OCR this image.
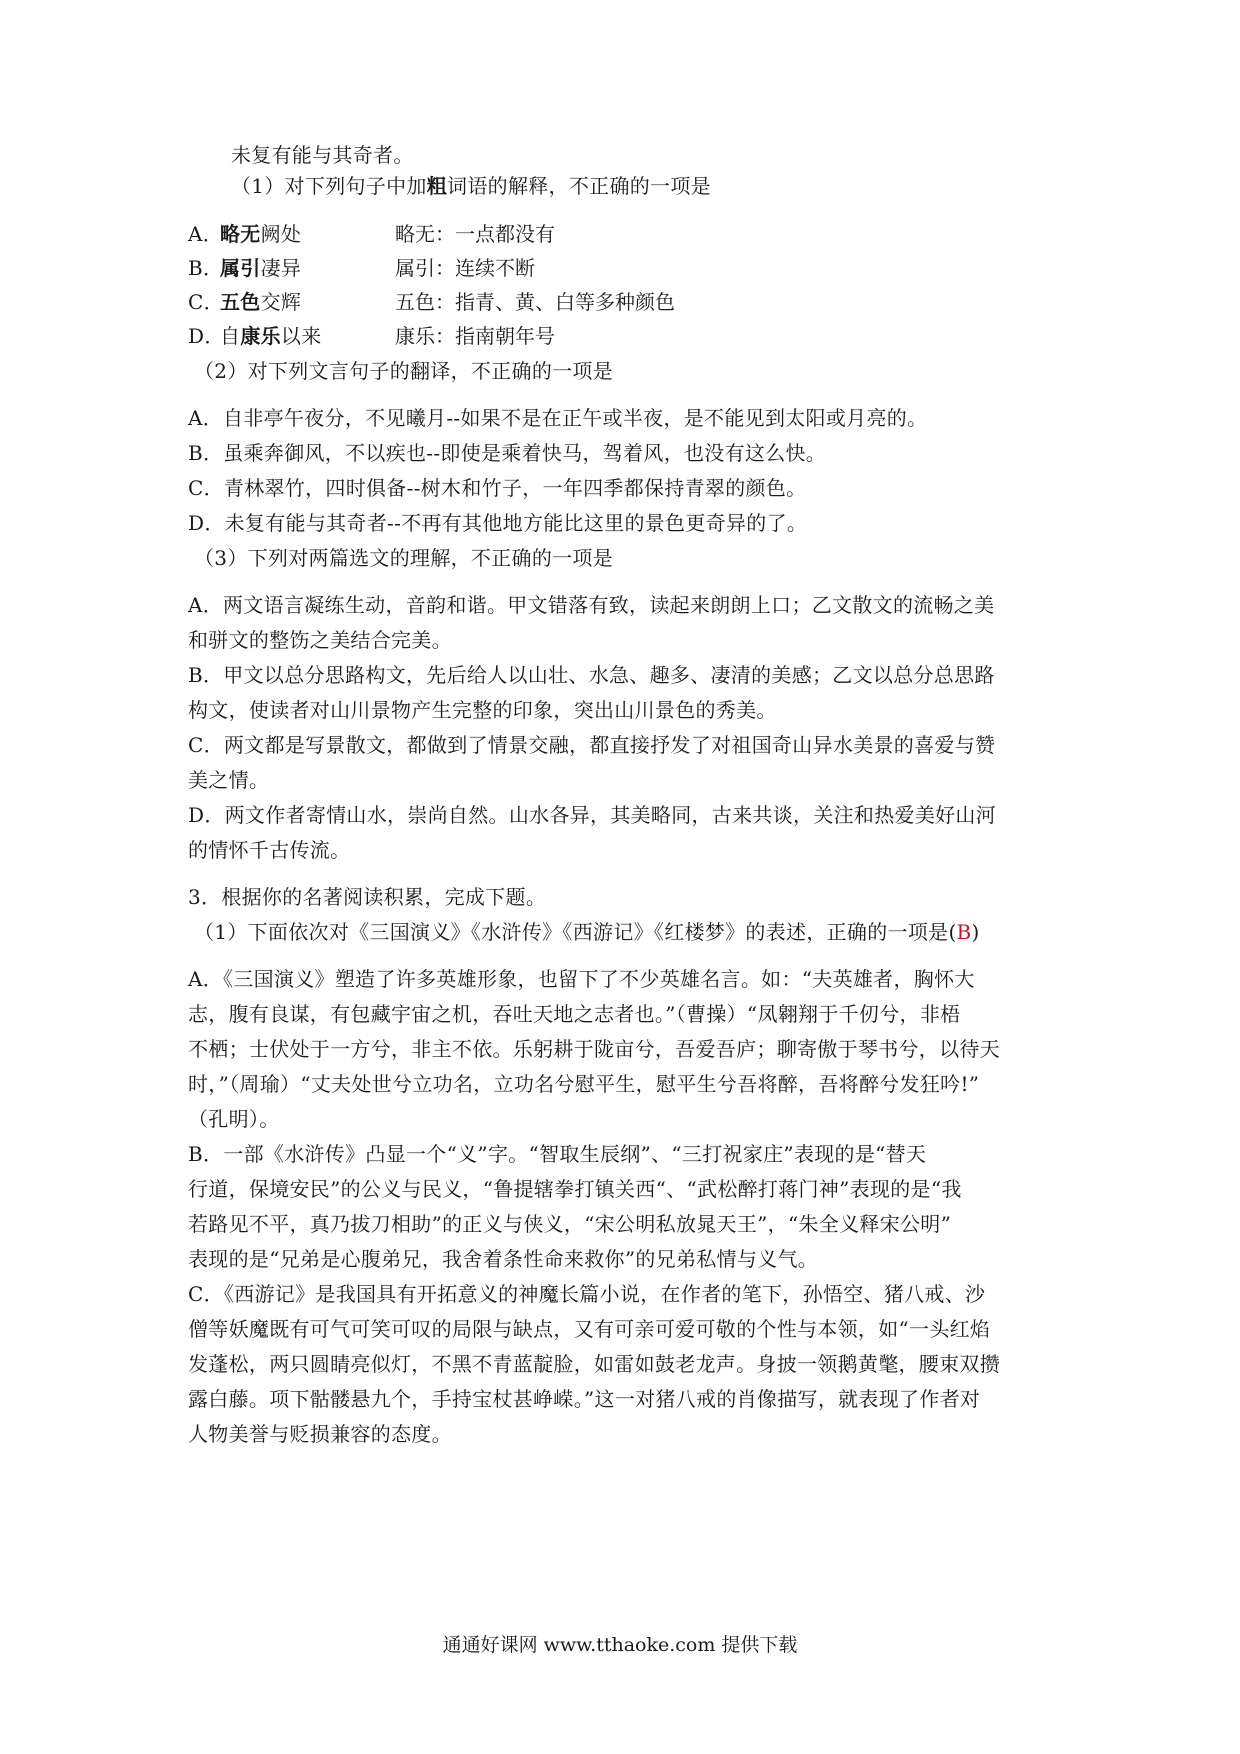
未复有能与其奇者。
（1）对下列句子中加粗词语的解释，不正确的一项是
A．略无阙处	略无：一点都没有
B．属引凄异	属引：连续不断
C．五色交辉	五色：指青、黄、白等多种颜色
D．自康乐以来	康乐：指南朝年号
（2）对下列文言句子的翻译，不正确的一项是
A．自非亭午夜分，不见曦月--如果不是在正午或半夜，是不能见到太阳或月亮的。
B．虽乘奔御风，不以疾也--即使是乘着快马，驾着风，也没有这么快。
C．青林翠竹，四时俱备--树木和竹子，一年四季都保持青翠的颜色。
D．未复有能与其奇者--不再有其他地方能比这里的景色更奇异的了。
（3）下列对两篇选文的理解，不正确的一项是
A．两文语言凝练生动，音韵和谐。甲文错落有致，读起来朗朗上口；乙文散文的流畅之美
和骈文的整饬之美结合完美。
B．甲文以总分思路构文，先后给人以山壮、水急、趣多、凄清的美感；乙文以总分总思路
构文，使读者对山川景物产生完整的印象，突出山川景色的秀美。
C．两文都是写景散文，都做到了情景交融，都直接抒发了对祖国奇山异水美景的喜爱与赞
美之情。
D．两文作者寄情山水，崇尚自然。山水各异，其美略同，古来共谈，关注和热爱美好山河
的情怀千古传流。
3．根据你的名著阅读积累，完成下题。
（1）下面依次对《三国演义》《水浒传》《西游记》《红楼梦》的表述，正确的一项是(B)
A．《三国演义》塑造了许多英雄形象，也留下了不少英雄名言。如：“夫英雄者，胸怀大
志，腹有良谋，有包藏宇宙之机，吞吐天地之志者也。”（曹操）“凤翱翔于千仞兮，非梧
不栖；士伏处于一方兮，非主不依。乐躬耕于陇亩兮，吾爱吾庐；聊寄傲于琴书兮，以待天
时，”（周瑜）“丈夫处世兮立功名，立功名兮慰平生，慰平生兮吾将醉，吾将醉兮发狂吟!”
（孔明）。
B．一部《水浒传》凸显一个“义”字。“智取生辰纲”、“三打祝家庄”表现的是“替天
行道，保境安民”的公义与民义，“鲁提辖拳打镇关西“、“武松醉打蒋门神”表现的是“我
若路见不平，真乃拔刀相助”的正义与侠义，“宋公明私放晁天王”，“朱全义释宋公明”
表现的是“兄弟是心腹弟兄，我舍着条性命来救你”的兄弟私情与义气。
C．《西游记》是我国具有开拓意义的神魔长篇小说，在作者的笔下，孙悟空、猪八戒、沙
僧等妖魔既有可气可笑可叹的局限与缺点，又有可亲可爱可敬的个性与本领，如“一头红焰
发蓬松，两只圆睛亮似灯，不黑不青蓝靛脸，如雷如鼓老龙声。身披一领鹅黄氅，腰束双攒
露白藤。项下骷髅悬九个，手持宝杖甚峥嵘。”这一对猪八戒的肖像描写，就表现了作者对
人物美誉与贬损兼容的态度。
通通好课网 www.tthaoke.com 提供下载
